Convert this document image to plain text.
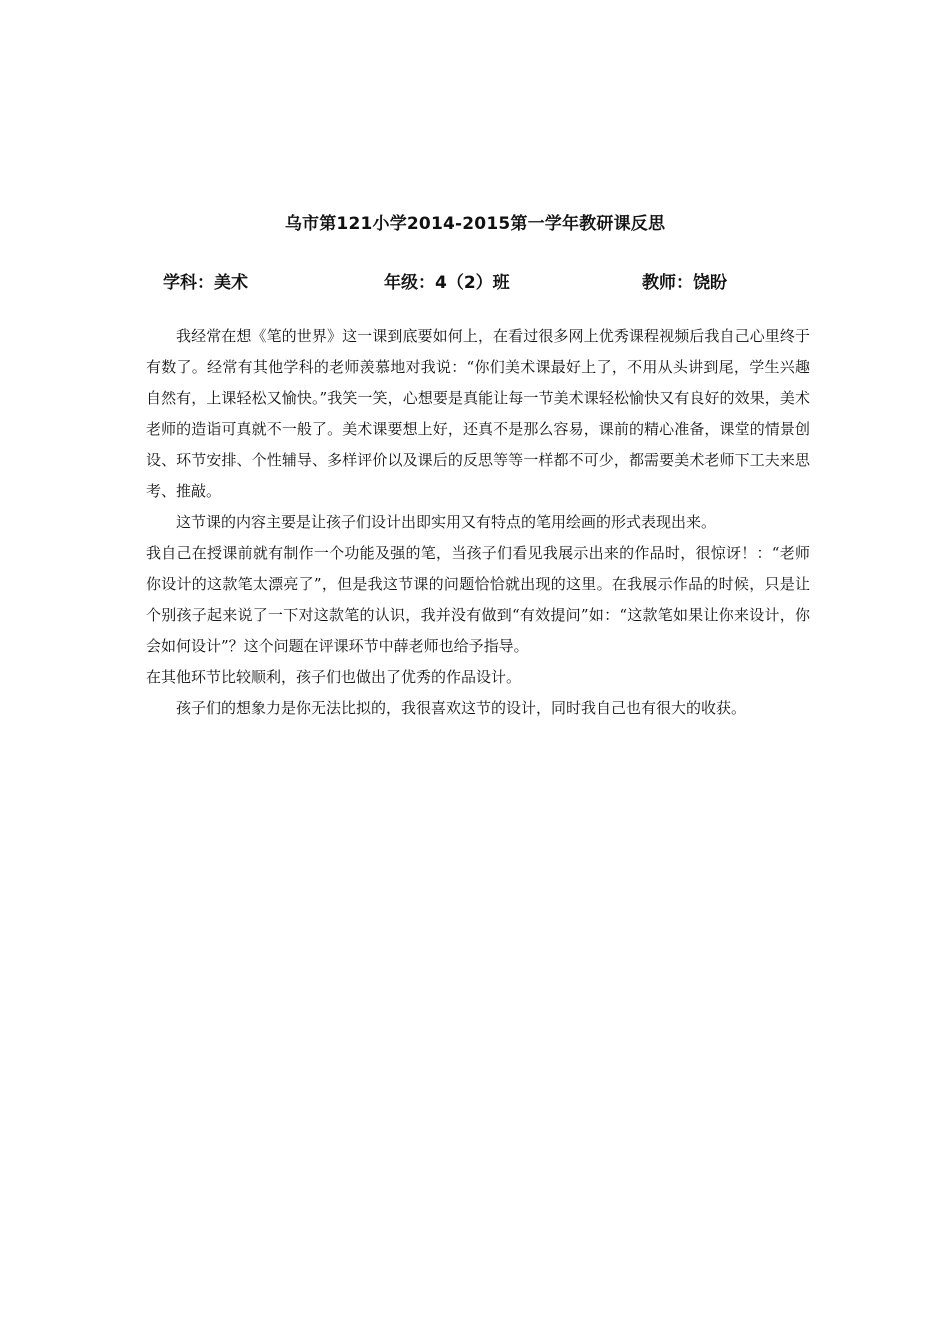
乌市第121小学2014-2015第一学年教研课反思
学科：美术	年级：4（2）班	教师：饶盼

我经常在想《笔的世界》这一课到底要如何上，在看过很多网上优秀课程视频后我自己心里终于有数了。经常有其他学科的老师羡慕地对我说：“你们美术课最好上了，不用从头讲到尾，学生兴趣自然有，上课轻松又愉快。”我笑一笑，心想要是真能让每一节美术课轻松愉快又有良好的效果，美术老师的造诣可真就不一般了。美术课要想上好，还真不是那么容易，课前的精心准备，课堂的情景创设、环节安排、个性辅导、多样评价以及课后的反思等等一样都不可少，都需要美术老师下工夫来思考、推敲。

这节课的内容主要是让孩子们设计出即实用又有特点的笔用绘画的形式表现出来。

我自己在授课前就有制作一个功能及强的笔，当孩子们看见我展示出来的作品时，很惊讶！：“老师你设计的这款笔太漂亮了”，但是我这节课的问题恰恰就出现的这里。在我展示作品的时候，只是让个别孩子起来说了一下对这款笔的认识，我并没有做到“有效提问”如：“这款笔如果让你来设计，你会如何设计”？这个问题在评课环节中薛老师也给予指导。

在其他环节比较顺利，孩子们也做出了优秀的作品设计。

孩子们的想象力是你无法比拟的，我很喜欢这节的设计，同时我自己也有很大的收获。
